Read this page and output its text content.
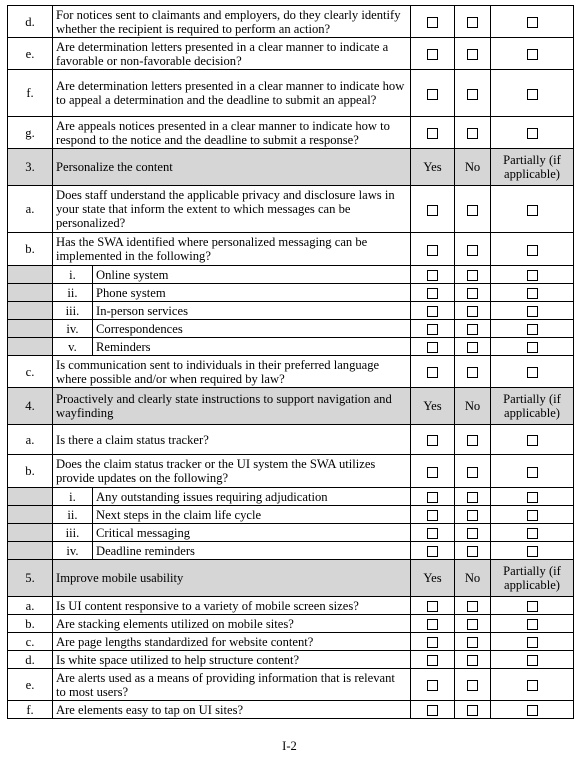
d.	For notices sent to claimants and employers, do they clearly identify whether the recipient is required to perform an action?				
e.	Are determination letters presented in a clear manner to indicate a favorable or non-favorable decision?				
f.	Are determination letters presented in a clear manner to indicate how to appeal a determination and the deadline to submit an appeal?				
g.	Are appeals notices presented in a clear manner to indicate how to respond to the notice and the deadline to submit a response?				
3.	Personalize the content		Yes	No	Partially (if applicable)
a.	Does staff understand the applicable privacy and disclosure laws in your state that inform the extent to which messages can be personalized?				
b.	Has the SWA identified where personalized messaging can be implemented in the following?				
	i.	Online system			
	ii.	Phone system			
	iii.	In-person services			
	iv.	Correspondences			
	v.	Reminders			
c.	Is communication sent to individuals in their preferred language where possible and/or when required by law?				
4.	Proactively and clearly state instructions to support navigation and wayfinding		Yes	No	Partially (if applicable)
a.	Is there a claim status tracker?				
b.	Does the claim status tracker or the UI system the SWA utilizes provide updates on the following?				
	i.	Any outstanding issues requiring adjudication			
	ii.	Next steps in the claim life cycle			
	iii.	Critical messaging			
	iv.	Deadline reminders			
5.	Improve mobile usability		Yes	No	Partially (if applicable)
a.	Is UI content responsive to a variety of mobile screen sizes?				
b.	Are stacking elements utilized on mobile sites?				
c.	Are page lengths standardized for website content?				
d.	Is white space utilized to help structure content?				
e.	Are alerts used as a means of providing information that is relevant to most users?				
f.	Are elements easy to tap on UI sites?				
I-2
